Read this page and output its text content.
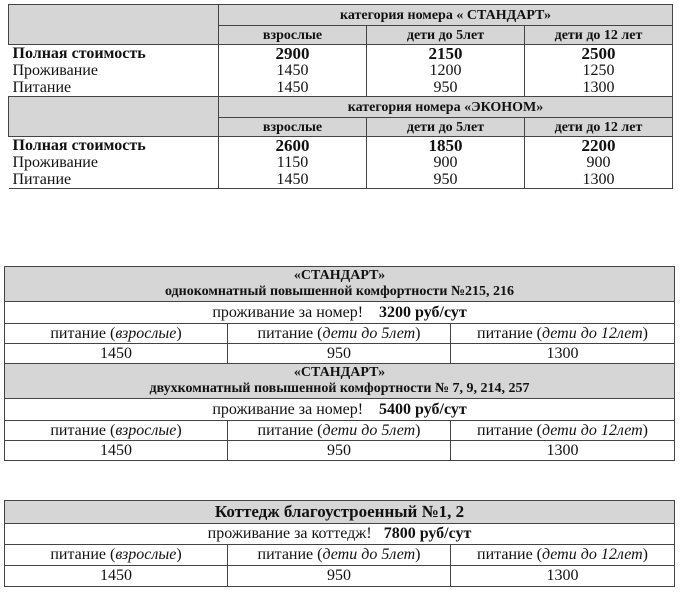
	категория номера « СТАНДАРТ»		
	взрослые	дети до 5лет	дети до 12 лет
Полная стоимость	2900	2150	2500
Проживание	1450	1200	1250
Питание	1450	950	1300
	категория номера «ЭКОНОМ»		
	взрослые	дети до 5лет	дети до 12 лет
Полная стоимость	2600	1850	2200
Проживание	1150	900	900
Питание	1450	950	1300
«СТАНДАРТ»
однокомнатный повышенной комфортности №215, 216		

проживание за номер! 3200 руб/сут		
питание (взрослые)	питание (дети до 5лет)	питание (дети до 12лет)
1450	950	1300

«СТАНДАРТ»
двухкомнатный повышенной комфортности № 7, 9, 214, 257		

проживание за номер! 5400 руб/сут		
питание (взрослые)	питание (дети до 5лет)	питание (дети до 12лет)
1450	950	1300
Коттедж благоустроенный №1, 2		
проживание за коттедж! 7800 руб/сут		
питание (взрослые)	питание (дети до 5лет)	питание (дети до 12лет)
1450	950	1300
